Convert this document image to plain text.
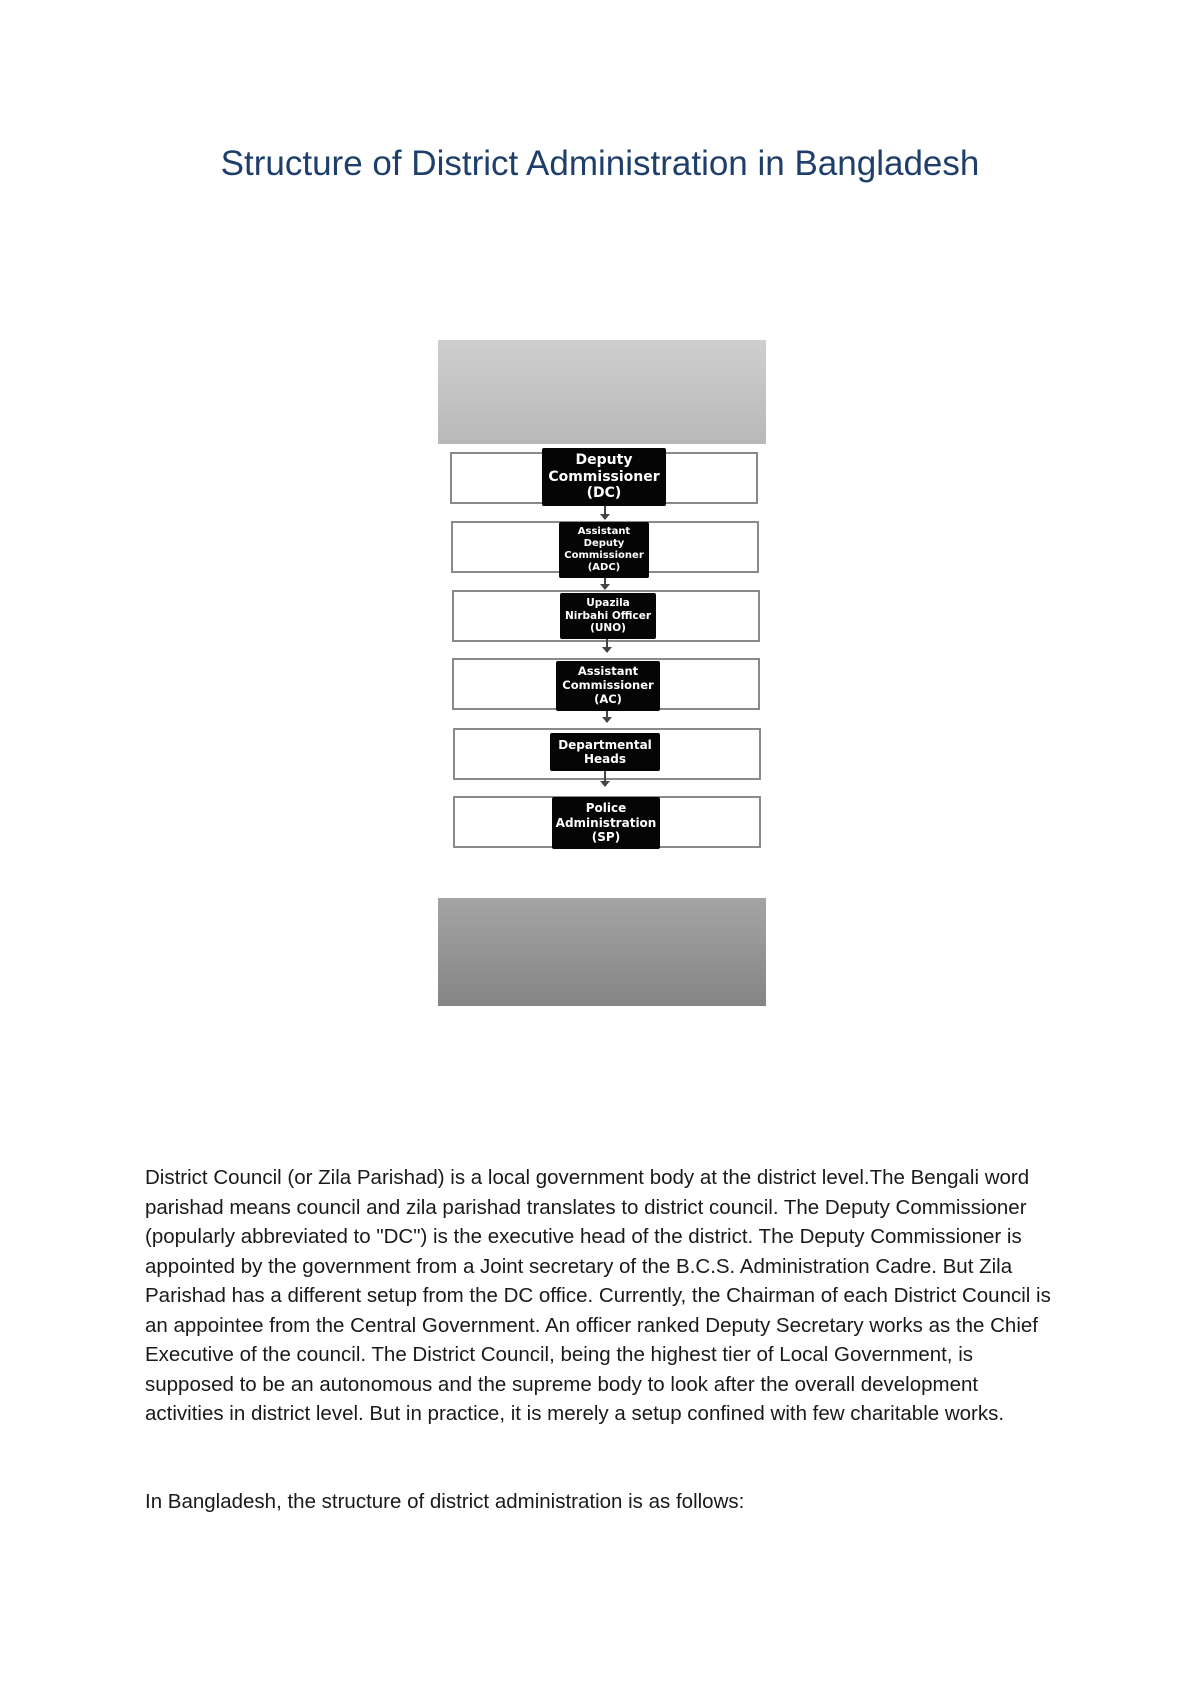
Structure of District Administration in Bangladesh
Deputy
Commissioner
(DC)
Assistant
Deputy
Commissioner
(ADC)
Upazila
Nirbahi Officer
(UNO)
Assistant
Commissioner
(AC)
Departmental
Heads
Police
Administration
(SP)

District Council (or Zila Parishad) is a local government body at the district level.The Bengali word parishad means council and zila parishad translates to district council. The Deputy Commissioner (popularly abbreviated to "DC") is the executive head of the district. The Deputy Commissioner is appointed by the government from a Joint secretary of the B.C.S. Administration Cadre. But Zila Parishad has a different setup from the DC office. Currently, the Chairman of each District Council is an appointee from the Central Government. An officer ranked Deputy Secretary works as the Chief Executive of the council. The District Council, being the highest tier of Local Government, is supposed to be an autonomous and the supreme body to look after the overall development activities in district level. But in practice, it is merely a setup confined with few charitable works.

In Bangladesh, the structure of district administration is as follows:
